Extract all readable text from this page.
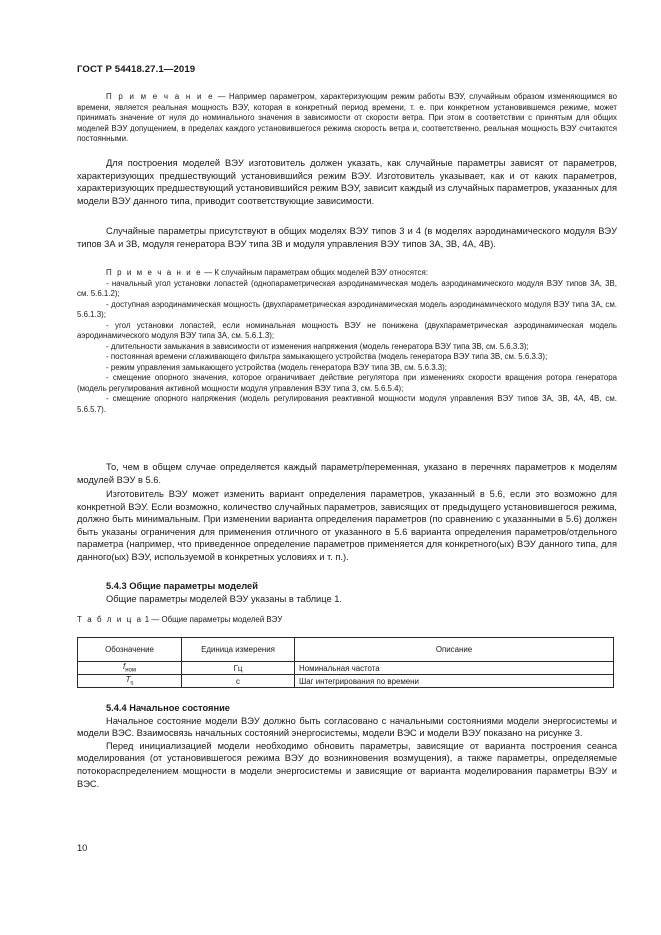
ГОСТ Р 54418.27.1—2019

П р и м е ч а н и е — Например параметром, характеризующим режим работы ВЭУ, случайным образом изменяющимся во времени, является реальная мощность ВЭУ, которая в конкретный период времени, т. е. при конкретном установившемся режиме, может принимать значение от нуля до номинального значения в зависимости от скорости ветра. При этом в соответствии с принятым для общих моделей ВЭУ допущением, в пределах каждого установившегося режима скорость ветра и, соответственно, реальная мощность ВЭУ считаются постоянными.

Для построения моделей ВЭУ изготовитель должен указать, как случайные параметры зависят от параметров, характеризующих предшествующий установившийся режим ВЭУ. Изготовитель указывает, как и от каких параметров, характеризующих предшествующий установившийся режим ВЭУ, зависит каждый из случайных параметров, указанных для модели ВЭУ данного типа, приводит соответствующие зависимости.

Случайные параметры присутствуют в общих моделях ВЭУ типов 3 и 4 (в моделях аэродинамического модуля ВЭУ типов 3А и 3В, модуля генератора ВЭУ типа 3В и модуля управления ВЭУ типов 3А, 3В, 4А, 4В).

П р и м е ч а н и е — К случайным параметрам общих моделей ВЭУ относятся:

- начальный угол установки лопастей (однопараметрическая аэродинамическая модель аэродинамического модуля ВЭУ типов 3А, 3В, см. 5.6.1.2);

- доступная аэродинамическая мощность (двухпараметрическая аэродинамическая модель аэродинамического модуля ВЭУ типа 3А, см. 5.6.1.3);

- угол установки лопастей, если номинальная мощность ВЭУ не понижена (двухпараметрическая аэродинамическая модель аэродинамического модуля ВЭУ типа 3А, см. 5.6.1.3);

- длительности замыкания в зависимости от изменения напряжения (модель генератора ВЭУ типа 3В, см. 5.6.3.3);

- постоянная времени сглаживающего фильтра замыкающего устройства (модель генератора ВЭУ типа 3В, см. 5.6.3.3);

- режим управления замыкающего устройства (модель генератора ВЭУ типа 3В, см. 5.6.3.3);

- смещение опорного значения, которое ограничивает действие регулятора при изменениях скорости вращения ротора генератора (модель регулирования активной мощности модуля управления ВЭУ типа 3, см. 5.6.5.4);

- смещение опорного напряжения (модель регулирования реактивной мощности модуля управления ВЭУ типов 3А, 3В, 4А, 4В, см. 5.6.5.7).

То, чем в общем случае определяется каждый параметр/переменная, указано в перечнях параметров к моделям модулей ВЭУ в 5.6.

Изготовитель ВЭУ может изменить вариант определения параметров, указанный в 5.6, если это возможно для конкретной ВЭУ. Если возможно, количество случайных параметров, зависящих от предыдущего установившегося режима, должно быть минимальным. При изменении варианта определения параметров (по сравнению с указанными в 5.6) должен быть указаны ограничения для применения отличного от указанного в 5.6 варианта определения параметров/отдельного параметра (например, что приведенное определение параметров применяется для конкретного(ых) ВЭУ данного типа, для данного(ых) ВЭУ, используемой в конкретных условиях и т. п.).

5.4.3 Общие параметры моделей

Общие параметры моделей ВЭУ указаны в таблице 1.

Т а б л и ц а 1 — Общие параметры моделей ВЭУ
Обозначение	Единица измерения	Описание
$f_{ном}$	Гц	Номинальная частота
$T_s$	с	Шаг интегрирования по времени
5.4.4 Начальное состояние

Начальное состояние модели ВЭУ должно быть согласовано с начальными состояниями модели энергосистемы и модели ВЭС. Взаимосвязь начальных состояний энергосистемы, модели ВЭС и модели ВЭУ показано на рисунке 3.

Перед инициализацией модели необходимо обновить параметры, зависящие от варианта построения сеанса моделирования (от установившегося режима ВЭУ до возникновения возмущения), а также параметры, определяемые потокораспределением мощности в модели энергосистемы и зависящие от варианта моделирования параметры ВЭУ и ВЭС.

10
